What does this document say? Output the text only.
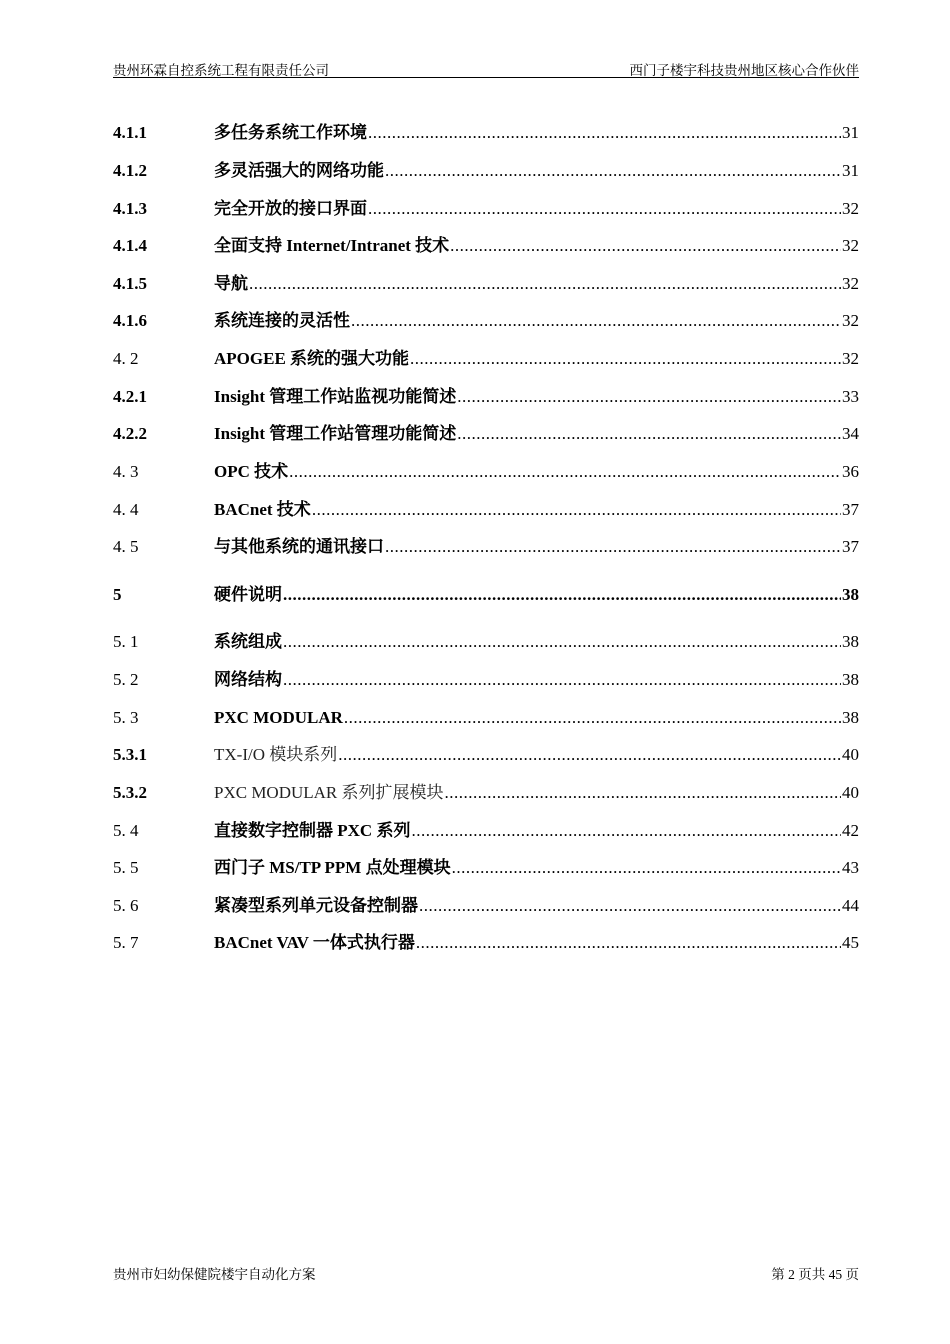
贵州环霖自控系统工程有限责任公司	西门子楼宇科技贵州地区核心合作伙伴
4.1.1	多任务系统工作环境 .....	31
4.1.2	多灵活强大的网络功能 .....	31
4.1.3	完全开放的接口界面 .....	32
4.1.4	全面支持 Internet/Intranet 技术 .....	32
4.1.5	导航 .....	32
4.1.6	系统连接的灵活性 .....	32
4. 2	APOGEE 系统的强大功能 .....	32
4.2.1	Insight 管理工作站监视功能简述 .....	33
4.2.2	Insight 管理工作站管理功能简述 .....	34
4. 3	OPC 技术 .....	36
4. 4	BACnet 技术 .....	37
4. 5	与其他系统的通讯接口 .....	37
5	硬件说明 .....	38
5. 1	系统组成 .....	38
5. 2	网络结构 .....	38
5. 3	PXC MODULAR .....	38
5.3.1	TX-I/O 模块系列 .....	40
5.3.2	PXC MODULAR 系列扩展模块 .....	40
5. 4	直接数字控制器 PXC 系列 .....	42
5. 5	西门子 MS/TP PPM 点处理模块 .....	43
5. 6	紧凑型系列单元设备控制器 .....	44
5. 7	BACnet VAV 一体式执行器 .....	45
贵州市妇幼保健院楼宇自动化方案	第 2 页共 45 页
